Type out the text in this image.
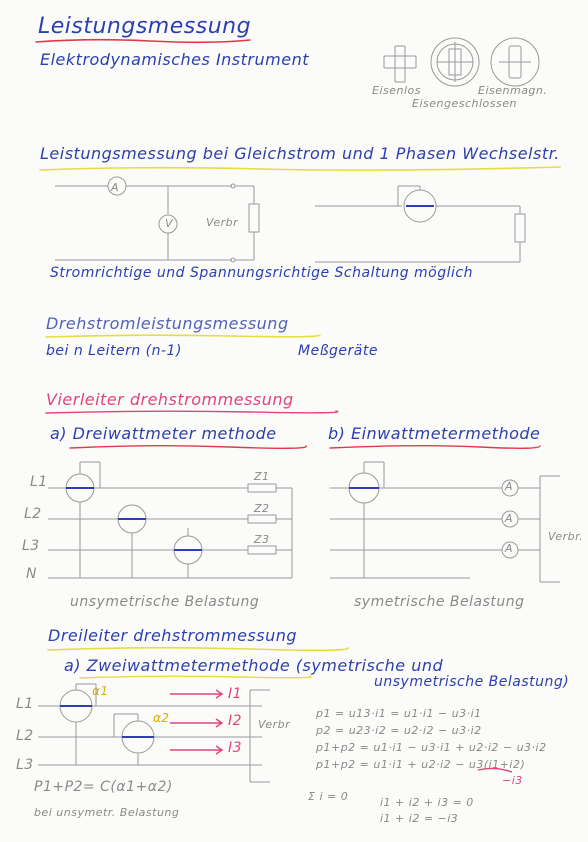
Leistungsmessung
Elektrodynamisches Instrument
Eisenlos	Eisenmagn.
Eisengeschlossen
Leistungsmessung bei Gleichstrom und 1 Phasen Wechselstr.
Verbr
A
V
Stromrichtige und Spannungsrichtige Schaltung möglich
Drehstromleistungsmessung
bei n Leitern (n-1)	Meßgeräte
Vierleiter drehstrommessung
a) Dreiwattmeter methode	b) Einwattmetermethode
L1
L2
L3
N
Z1
Z2
Z3
A
A
A
Verbr.
unsymetrische Belastung	symetrische Belastung
Dreileiter drehstrommessung
a) Zweiwattmetermethode (symetrische und
unsymetrische Belastung)
L1
L2
L3
α1
α2
I1
I2
I3
Verbr
P1+P2= C(α1+α2)
bei unsymetr. Belastung
p1 = u13·i1 = u1·i1 − u3·i1
p2 = u23·i2 = u2·i2 − u3·i2
p1+p2 = u1·i1 − u3·i1 + u2·i2 − u3·i2
p1+p2 = u1·i1 + u2·i2 − u3(i1+i2)
−i3
Σ i = 0	i1 + i2 + i3 = 0
i1 + i2 = −i3
